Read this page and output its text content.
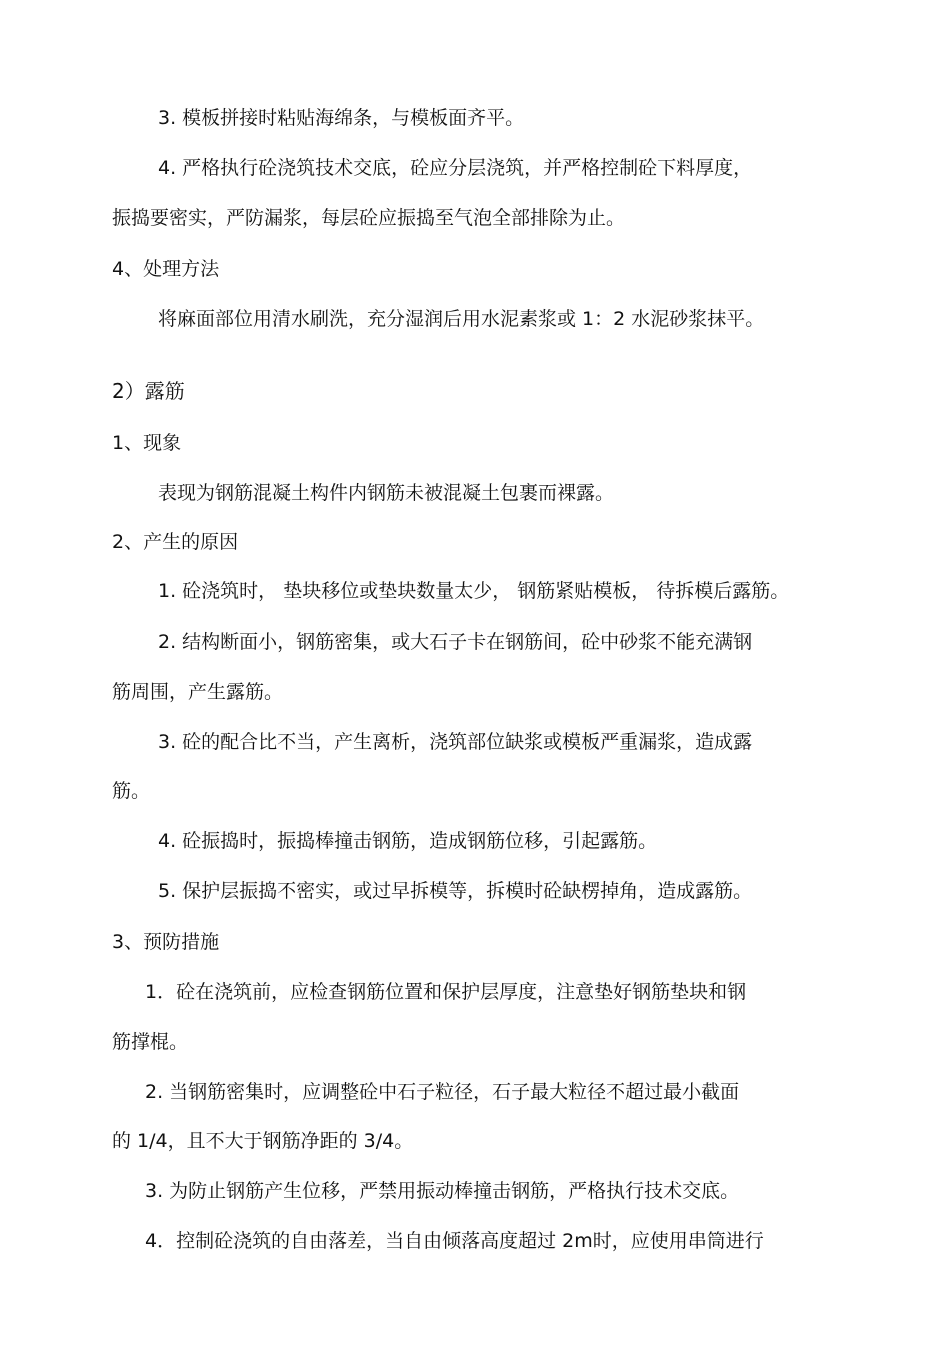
3. 模板拼接时粘贴海绵条，与模板面齐平。
4. 严格执行砼浇筑技术交底，砼应分层浇筑，并严格控制砼下料厚度，
振捣要密实，严防漏浆，每层砼应振捣至气泡全部排除为止。
4、处理方法
将麻面部位用清水刷洗，充分湿润后用水泥素浆或 1：2 水泥砂浆抹平。
2）露筋
1、现象
表现为钢筋混凝土构件内钢筋未被混凝土包裹而裸露。
2、产生的原因
1. 砼浇筑时， 垫块移位或垫块数量太少， 钢筋紧贴模板， 待拆模后露筋。
2. 结构断面小，钢筋密集，或大石子卡在钢筋间，砼中砂浆不能充满钢
筋周围，产生露筋。
3. 砼的配合比不当，产生离析，浇筑部位缺浆或模板严重漏浆，造成露
筋。
4. 砼振捣时，振捣棒撞击钢筋，造成钢筋位移，引起露筋。
5. 保护层振捣不密实，或过早拆模等，拆模时砼缺楞掉角，造成露筋。
3、预防措施
1．砼在浇筑前，应检查钢筋位置和保护层厚度，注意垫好钢筋垫块和钢
筋撑棍。
2. 当钢筋密集时，应调整砼中石子粒径，石子最大粒径不超过最小截面
的 1/4，且不大于钢筋净距的 3/4。
3. 为防止钢筋产生位移，严禁用振动棒撞击钢筋，严格执行技术交底。
4．控制砼浇筑的自由落差，当自由倾落高度超过 2m时，应使用串筒进行
